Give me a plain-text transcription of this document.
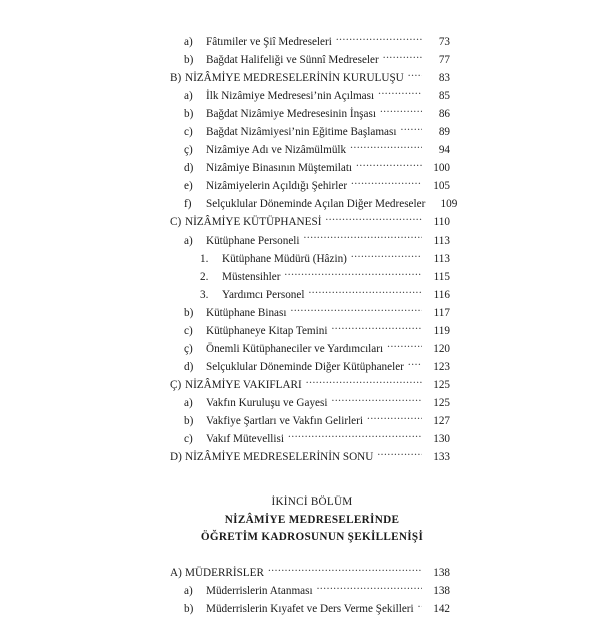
a)	Fâtımiler ve Şiî Medreseleri .....	73
b)	Bağdat Halifeliği ve Sünnî Medreseler .....	77
B) NİZÂMİYE MEDRESELERİNİN KURULUŞU .....	83
a)	İlk Nizâmiye Medresesi’nin Açılması .....	85
b)	Bağdat Nizâmiye Medresesinin İnşası .....	86
c)	Bağdat Nizâmiyesi’nin Eğitime Başlaması .....	89
ç)	Nizâmiye Adı ve Nizâmülmülk .....	94
d)	Nizâmiye Binasının Müştemilatı .....	100
e)	Nizâmiyelerin Açıldığı Şehirler .....	105
f)	Selçuklular Döneminde Açılan Diğer Medreseler	109
C) NİZÂMİYE KÜTÜPHANESİ .....	110
a)	Kütüphane Personeli .....	113
1.	Kütüphane Müdürü (Hâzin) .....	113
2.	Müstensihler .....	115
3.	Yardımcı Personel .....	116
b)	Kütüphane Binası .....	117
c)	Kütüphaneye Kitap Temini .....	119
ç)	Önemli Kütüphaneciler ve Yardımcıları .....	120
d)	Selçuklular Döneminde Diğer Kütüphaneler .....	123
Ç) NİZÂMİYE VAKIFLARI .....	125
a)	Vakfın Kuruluşu ve Gayesi .....	125
b)	Vakfiye Şartları ve Vakfın Gelirleri .....	127
c)	Vakıf Mütevellisi .....	130
D) NİZÂMİYE MEDRESELERİNİN SONU .....	133
İKİNCİ BÖLÜM
NİZÂMİYE MEDRESELERİNDE
ÖĞRETİM KADROSUNUN ŞEKİLLENİŞİ
A) MÜDERRİSLER .....	138
a)	Müderrislerin Atanması .....	138
b)	Müderrislerin Kıyafet ve Ders Verme Şekilleri .....	142
